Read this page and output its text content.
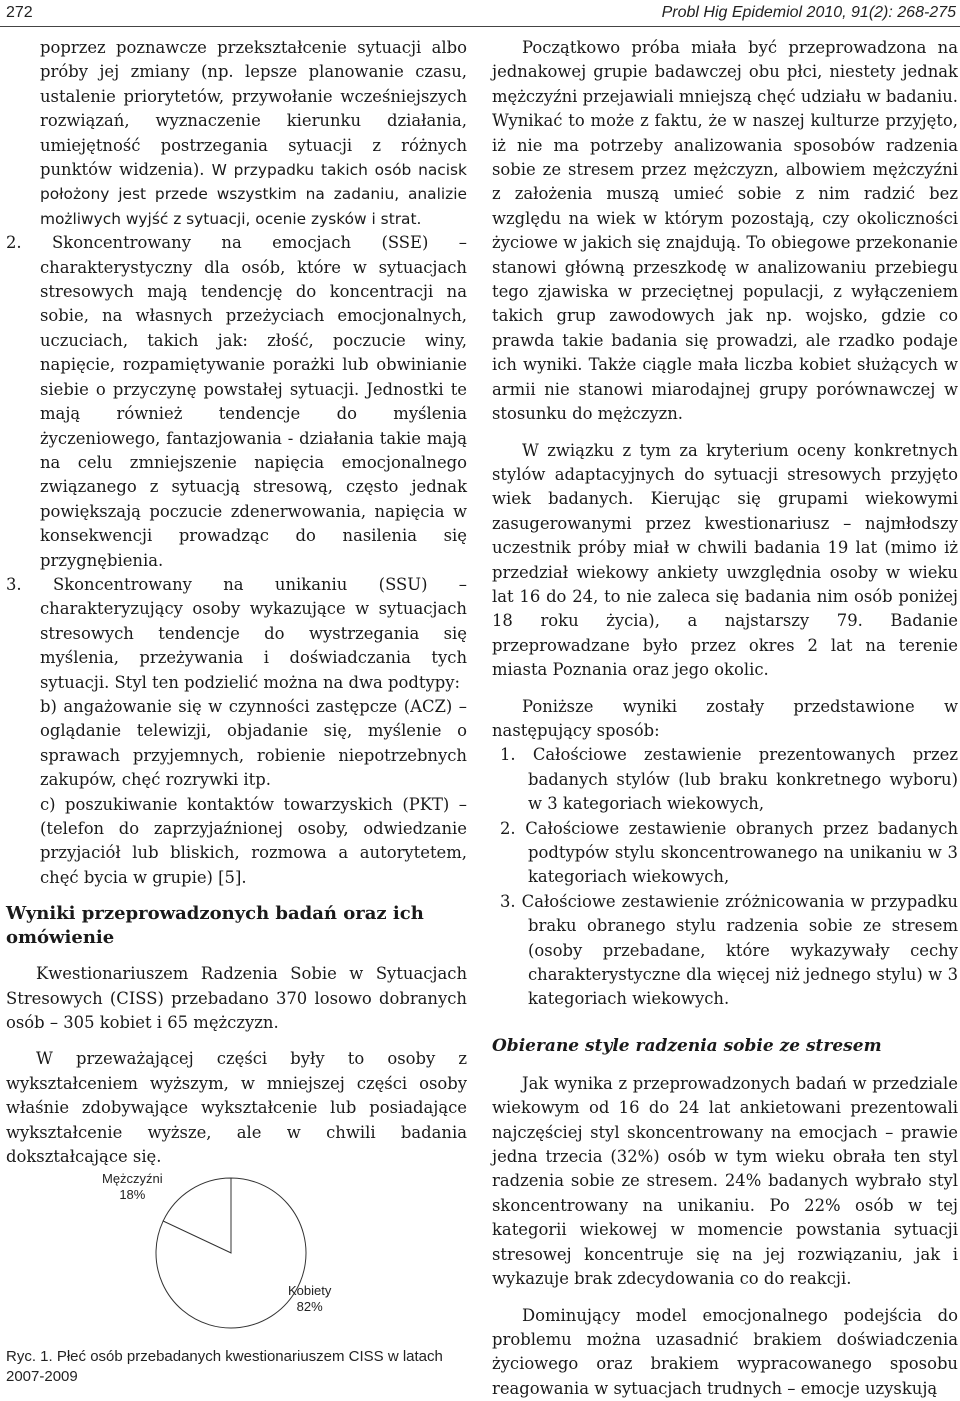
272	Probl Hig Epidemiol 2010, 91(2): 268-275

poprzez poznawcze przekształcenie sytuacji albo próby jej zmiany (np. lepsze planowanie czasu, ustalenie priorytetów, przywołanie wcześniejszych rozwiązań, wyznaczenie kierunku działania, umiejętność postrzegania sytuacji z różnych punktów widzenia). W przypadku takich osób nacisk położony jest przede wszystkim na zadaniu, analizie możliwych wyjść z sytuacji, ocenie zysków i strat.

2. Skoncentrowany na emocjach (SSE) – charakterystyczny dla osób, które w sytuacjach stresowych mają tendencję do koncentracji na sobie, na własnych przeżyciach emocjonalnych, uczuciach, takich jak: złość, poczucie winy, napięcie, rozpamiętywanie porażki lub obwinianie siebie o przyczynę powstałej sytuacji. Jednostki te mają również tendencje do myślenia życzeniowego, fantazjowania - działania takie mają na celu zmniejszenie napięcia emocjonalnego związanego z sytuacją stresową, często jednak powiększają poczucie zdenerwowania, napięcia w konsekwencji prowadząc do nasilenia się przygnębienia.

3. Skoncentrowany na unikaniu (SSU) – charakteryzujący osoby wykazujące w sytuacjach stresowych tendencje do wystrzegania się myślenia, przeżywania i doświadczania tych sytuacji. Styl ten podzielić można na dwa podtypy:

b) angażowanie się w czynności zastępcze (ACZ) – oglądanie telewizji, objadanie się, myślenie o sprawach przyjemnych, robienie niepotrzebnych zakupów, chęć rozrywki itp.

c) poszukiwanie kontaktów towarzyskich (PKT) – (telefon do zaprzyjaźnionej osoby, odwiedzanie przyjaciół lub bliskich, rozmowa a autorytetem, chęć bycia w grupie) [5].

Wyniki przeprowadzonych badań oraz ich omówienie

Kwestionariuszem Radzenia Sobie w Sytuacjach Stresowych (CISS) przebadano 370 losowo dobranych osób – 305 kobiet i 65 mężczyzn.

W przeważającej części były to osoby z wykształceniem wyższym, w mniejszej części osoby właśnie zdobywające wykształcenie lub posiadające wykształcenie wyższe, ale w chwili badania dokształcające się.

Ryc. 1. Płeć osób przebadanych kwestionariuszem CISS w latach 2007-2009
Mężczyźni
18%
Kobiety
82%

Początkowo próba miała być przeprowadzona na jednakowej grupie badawczej obu płci, niestety jednak mężczyźni przejawiali mniejszą chęć udziału w badaniu. Wynikać to może z faktu, że w naszej kulturze przyjęto, iż nie ma potrzeby analizowania sposobów radzenia sobie ze stresem przez mężczyzn, albowiem mężczyźni z założenia muszą umieć sobie z nim radzić bez względu na wiek w którym pozostają, czy okoliczności życiowe w jakich się znajdują. To obiegowe przekonanie stanowi główną przeszkodę w analizowaniu przebiegu tego zjawiska w przeciętnej populacji, z wyłączeniem takich grup zawodowych jak np. wojsko, gdzie co prawda takie badania się prowadzi, ale rzadko podaje ich wyniki. Także ciągle mała liczba kobiet służących w armii nie stanowi miarodajnej grupy porównawczej w stosunku do mężczyzn.

W związku z tym za kryterium oceny konkretnych stylów adaptacyjnych do sytuacji stresowych przyjęto wiek badanych. Kierując się grupami wiekowymi zasugerowanymi przez kwestionariusz – najmłodszy uczestnik próby miał w chwili badania 19 lat (mimo iż przedział wiekowy ankiety uwzględnia osoby w wieku lat 16 do 24, to nie zaleca się badania nim osób poniżej 18 roku życia), a najstarszy 79. Badanie przeprowadzane było przez okres 2 lat na terenie miasta Poznania oraz jego okolic.

Poniższe wyniki zostały przedstawione w następujący sposób:

1. Całościowe zestawienie prezentowanych przez badanych stylów (lub braku konkretnego wyboru) w 3 kategoriach wiekowych,

2. Całościowe zestawienie obranych przez badanych podtypów stylu skoncentrowanego na unikaniu w 3 kategoriach wiekowych,

3. Całościowe zestawienie zróżnicowania w przypadku braku obranego stylu radzenia sobie ze stresem (osoby przebadane, które wykazywały cechy charakterystyczne dla więcej niż jednego stylu) w 3 kategoriach wiekowych.

Obierane style radzenia sobie ze stresem

Jak wynika z przeprowadzonych badań w przedziale wiekowym od 16 do 24 lat ankietowani prezentowali najczęściej styl skoncentrowany na emocjach – prawie jedna trzecia (32%) osób w tym wieku obrała ten styl radzenia sobie ze stresem. 24% badanych wybrało styl skoncentrowany na unikaniu. Po 22% osób w tej kategorii wiekowej w momencie powstania sytuacji stresowej koncentruje się na jej rozwiązaniu, jak i wykazuje brak zdecydowania co do reakcji.

Dominujący model emocjonalnego podejścia do problemu można uzasadnić brakiem doświadczenia życiowego oraz brakiem wypracowanego sposobu reagowania w sytuacjach trudnych – emocje uzyskują
